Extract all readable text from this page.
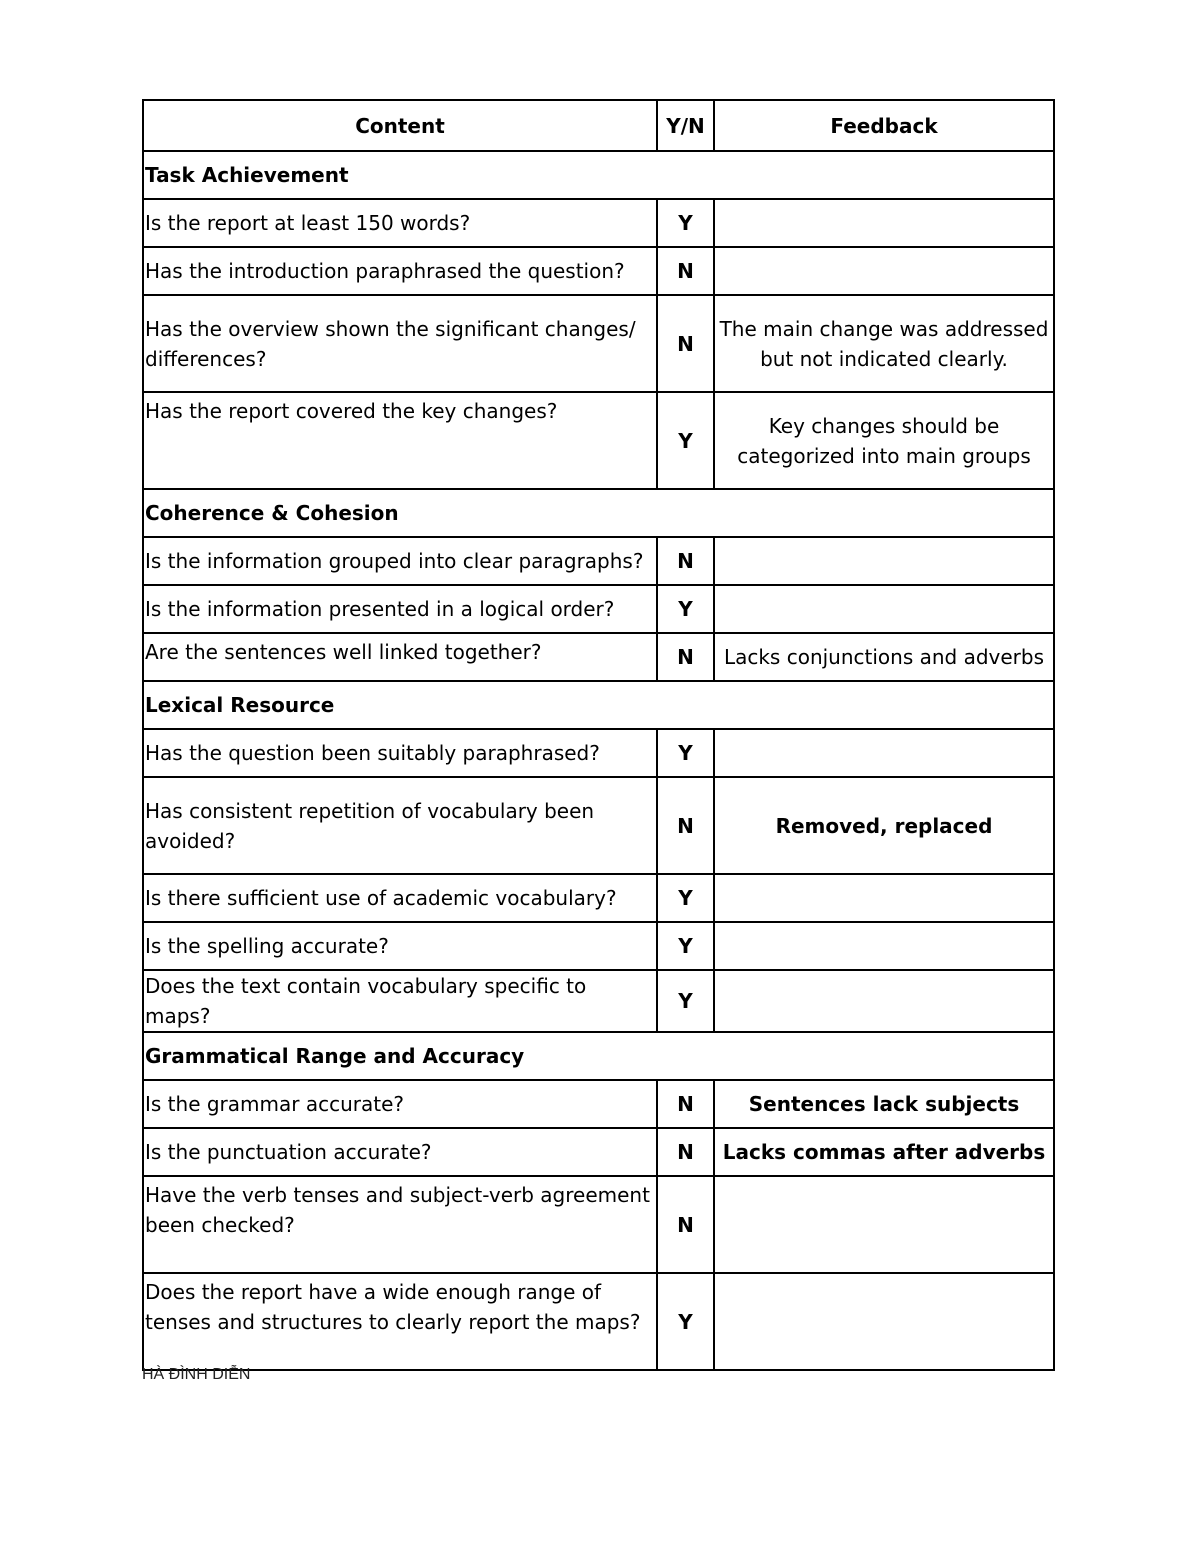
Content	Y/N	Feedback
Task Achievement		
Is the report at least 150 words?	Y	
Has the introduction paraphrased the question?	N	
Has the overview shown the significant changes/ differences?	N	The main change was addressed but not indicated clearly.
Has the report covered the key changes?	Y	Key changes should be categorized into main groups
Coherence & Cohesion		
Is the information grouped into clear paragraphs?	N	
Is the information presented in a logical order?	Y	
Are the sentences well linked together?	N	Lacks conjunctions and adverbs
Lexical Resource		
Has the question been suitably paraphrased?	Y	
Has consistent repetition of vocabulary been avoided?	N	Removed, replaced
Is there sufficient use of academic vocabulary?	Y	
Is the spelling accurate?	Y	
Does the text contain vocabulary specific to maps?	Y	
Grammatical Range and Accuracy		
Is the grammar accurate?	N	Sentences lack subjects
Is the punctuation accurate?	N	Lacks commas after adverbs
Have the verb tenses and subject-verb agreement been checked?	N	
Does the report have a wide enough range of tenses and structures to clearly report the maps?	Y	
HÀ ĐÌNH DIỄN
